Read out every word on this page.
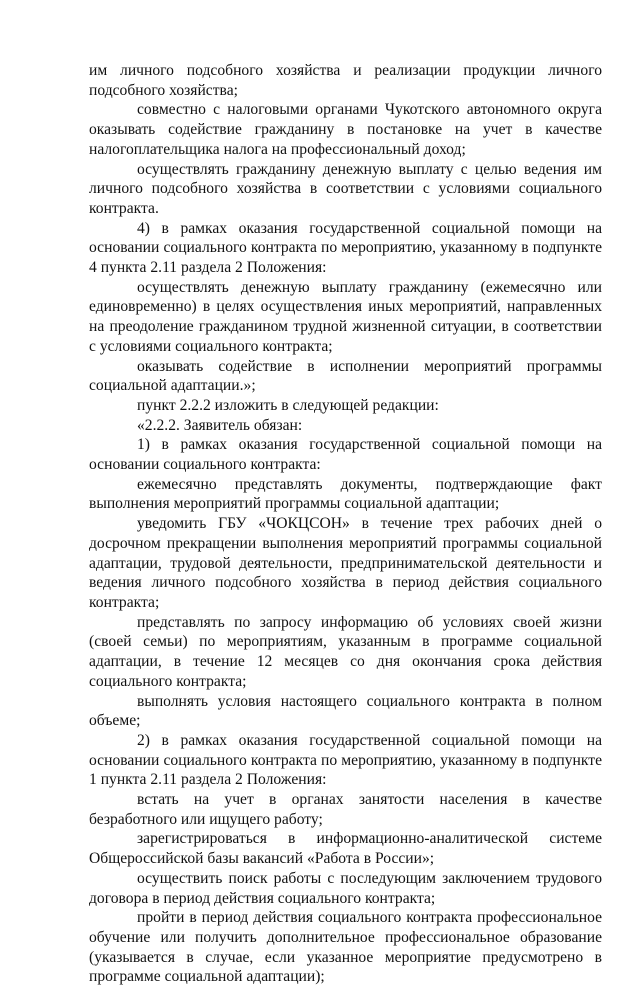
им личного подсобного хозяйства и реализации продукции личного подсобного хозяйства;

совместно с налоговыми органами Чукотского автономного округа оказывать содействие гражданину в постановке на учет в качестве налогоплательщика налога на профессиональный доход;

осуществлять гражданину денежную выплату с целью ведения им личного подсобного хозяйства в соответствии с условиями социального контракта.

4) в рамках оказания государственной социальной помощи на основании социального контракта по мероприятию, указанному в подпункте 4 пункта 2.11 раздела 2 Положения:

осуществлять денежную выплату гражданину (ежемесячно или единовременно) в целях осуществления иных мероприятий, направленных на преодоление гражданином трудной жизненной ситуации, в соответствии с условиями социального контракта;

оказывать содействие в исполнении мероприятий программы социальной адаптации.»;

пункт 2.2.2 изложить в следующей редакции:

«2.2.2. Заявитель обязан:

1) в рамках оказания государственной социальной помощи на основании социального контракта:

ежемесячно представлять документы, подтверждающие факт выполнения мероприятий программы социальной адаптации;

уведомить ГБУ «ЧОКЦСОН» в течение трех рабочих дней о досрочном прекращении выполнения мероприятий программы социальной адаптации, трудовой деятельности, предпринимательской деятельности и ведения личного подсобного хозяйства в период действия социального контракта;

представлять по запросу информацию об условиях своей жизни (своей семьи) по мероприятиям, указанным в программе социальной адаптации, в течение 12 месяцев со дня окончания срока действия социального контракта;

выполнять условия настоящего социального контракта в полном объеме;

2) в рамках оказания государственной социальной помощи на основании социального контракта по мероприятию, указанному в подпункте 1 пункта 2.11 раздела 2 Положения:

встать на учет в органах занятости населения в качестве безработного или ищущего работу;

зарегистрироваться в информационно-аналитической системе Общероссийской базы вакансий «Работа в России»;

осуществить поиск работы с последующим заключением трудового договора в период действия социального контракта;

пройти в период действия социального контракта профессиональное обучение или получить дополнительное профессиональное образование (указывается в случае, если указанное мероприятие предусмотрено в программе социальной адаптации);
